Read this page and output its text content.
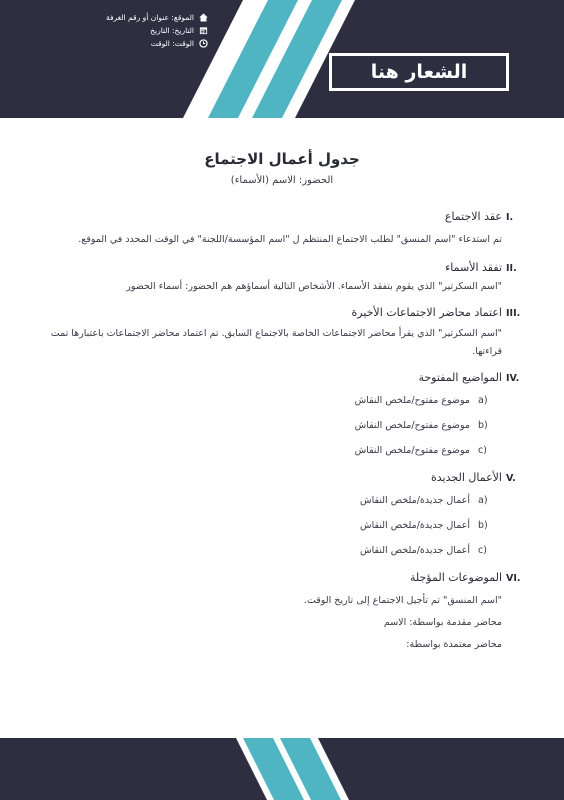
الموقع: عنوان أو رقم الغرفة
التاريخ: التاريخ
الوقت: الوقت
الشعار هنا
جدول أعمال الاجتماع
الحضور: الاسم (الأسماء)
I.
عقد الاجتماع
تم استدعاء "اسم المنسق" لطلب الاجتماع المنتظم ل "اسم المؤسسة/اللجنة" في الوقت المحدد في الموقع.
II.
تفقد الأسماء
"اسم السكرتير" الذي يقوم بتفقد الأسماء. الأشخاص التالية أسماؤهم هم الحضور: أسماء الحضور
III.
اعتماد محاضر الاجتماعات الأخيرة
"اسم السكرتير" الذي يقرأ محاضر الاجتماعات الخاصة بالاجتماع السابق. تم اعتماد محاضر الاجتماعات باعتبارها تمت قراءتها.
IV.
المواضيع المفتوحة
a)
موضوع مفتوح/ملخص النقاش
b)
موضوع مفتوح/ملخص النقاش
c)
موضوع مفتوح/ملخص النقاش
V.
الأعمال الجديدة
a)
أعمال جديدة/ملخص النقاش
b)
أعمال جديدة/ملخص النقاش
c)
أعمال جديدة/ملخص النقاش
VI.
الموضوعات المؤجلة
"اسم المنسق" تم تأجيل الاجتماع إلى تاريخ الوقت.
محاضر مقدمة بواسطة: الاسم
محاضر معتمدة بواسطة:
